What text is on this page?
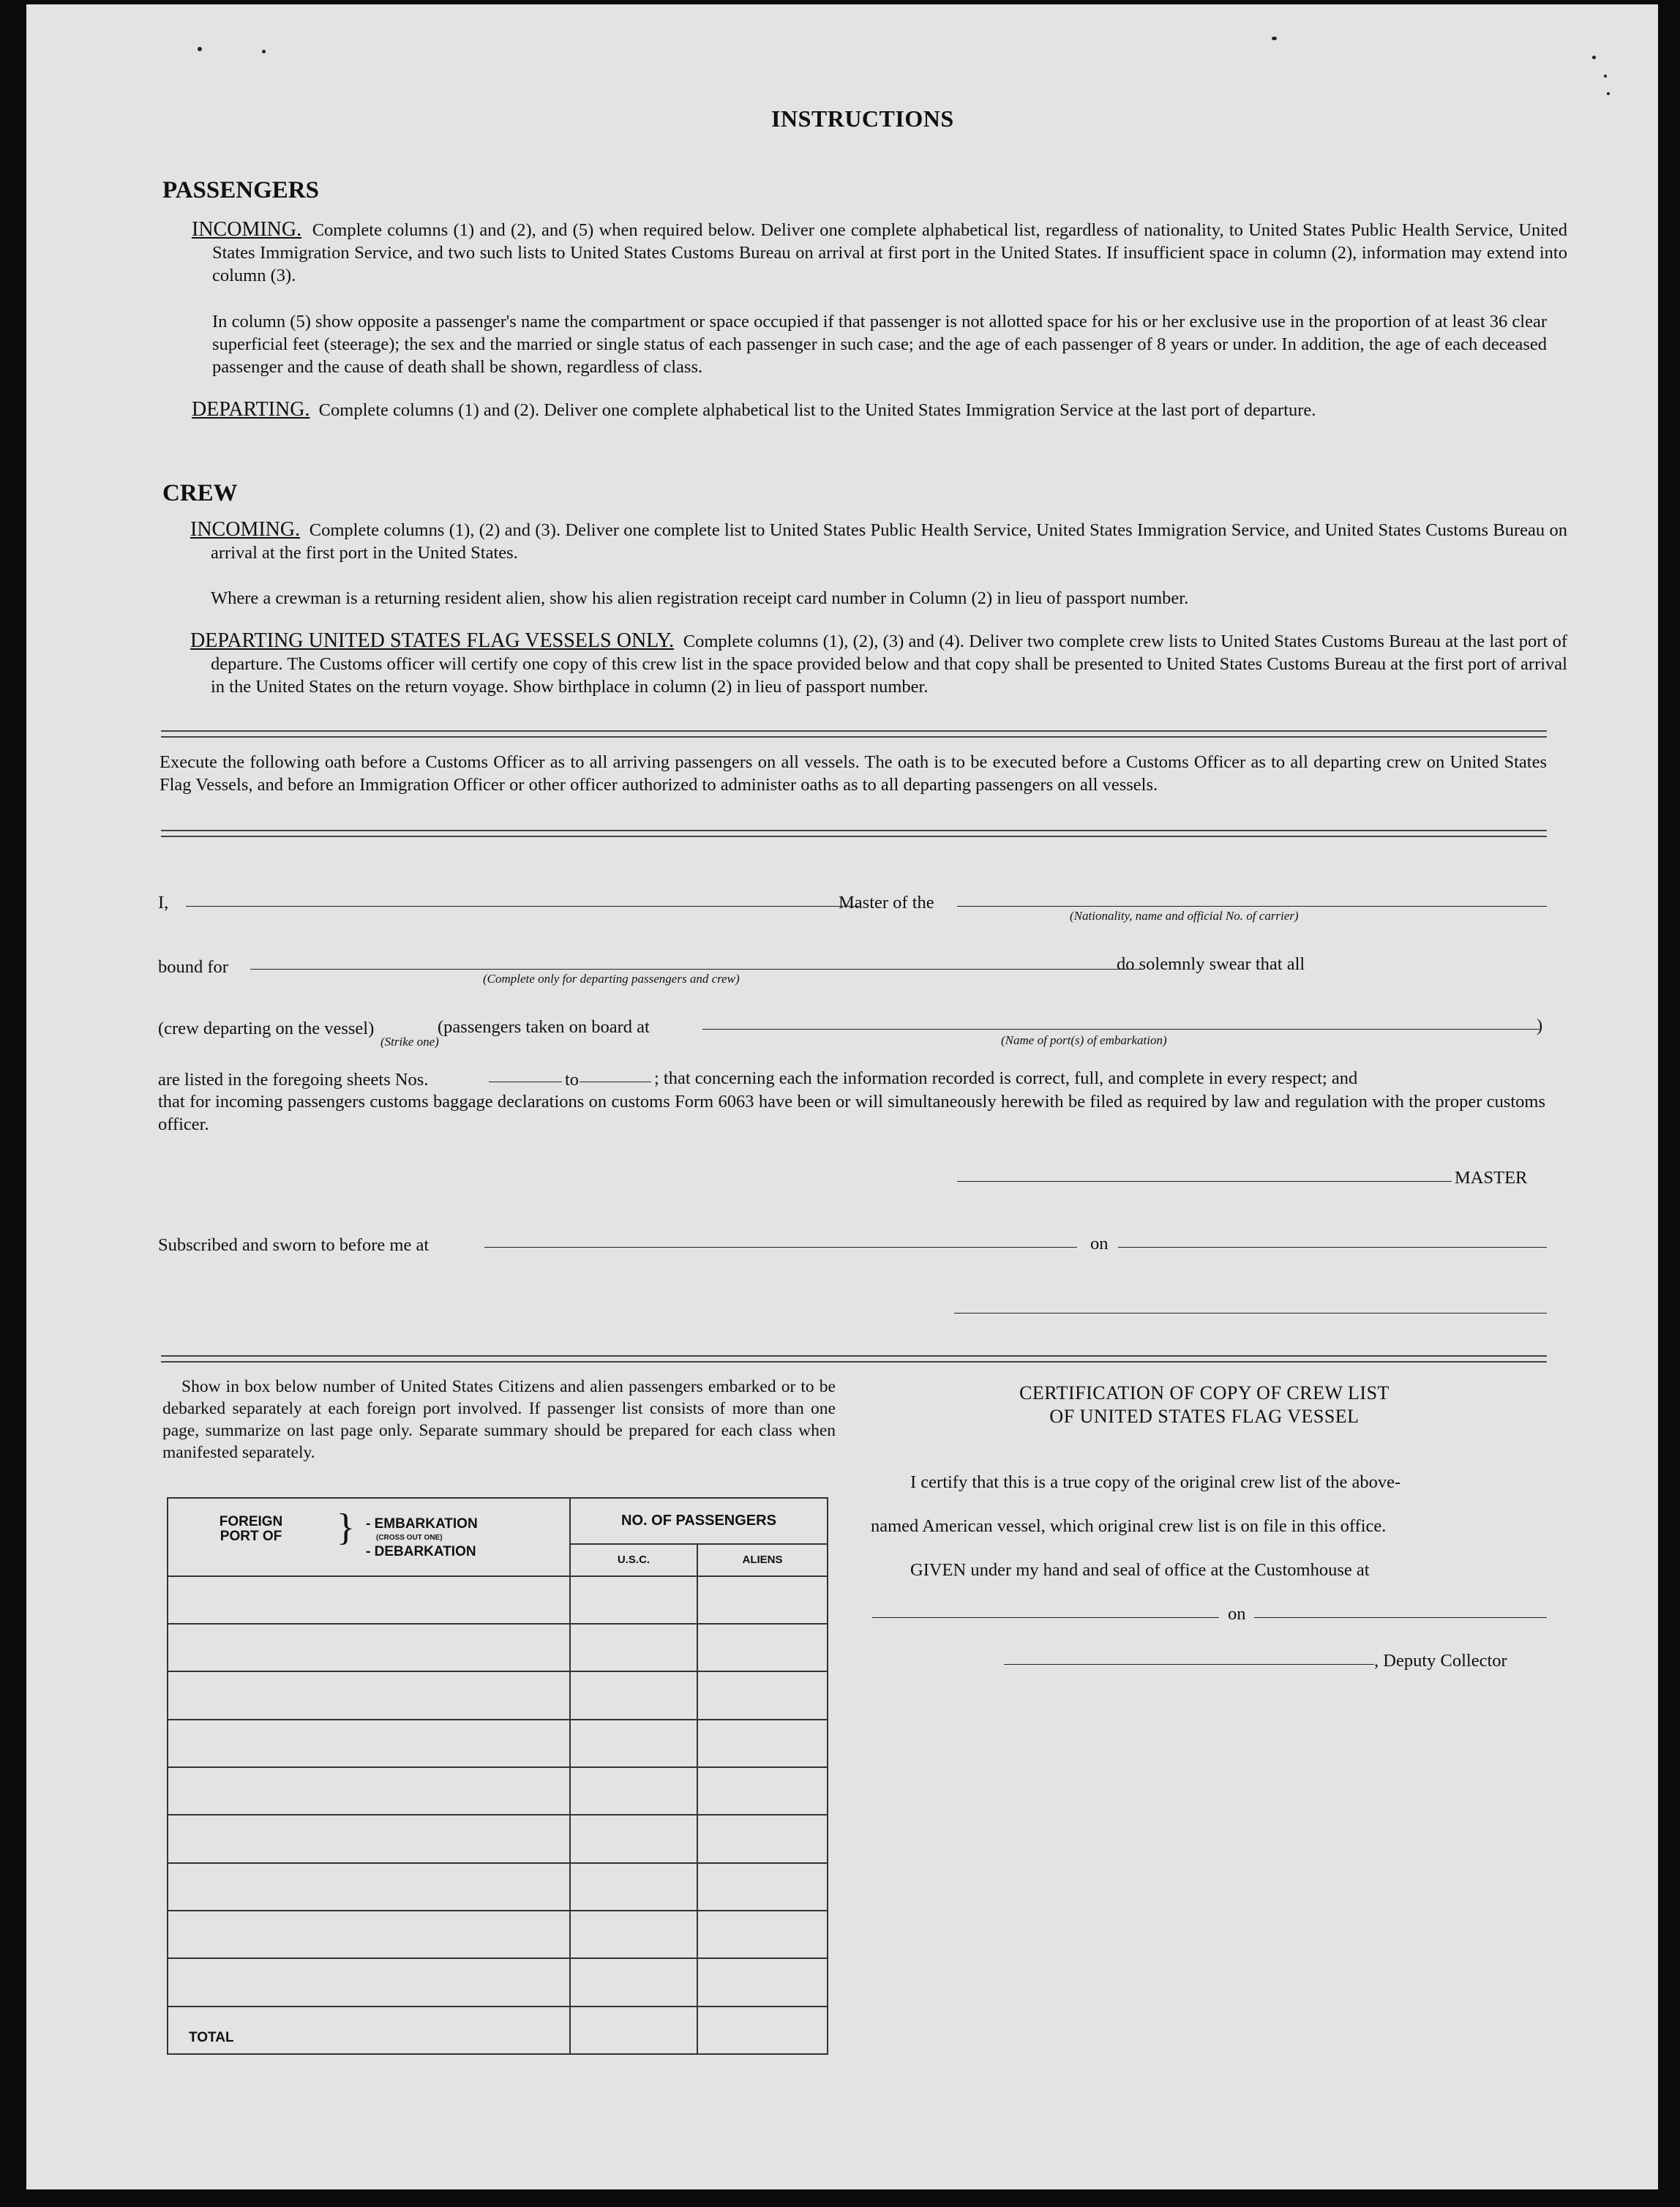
INSTRUCTIONS
PASSENGERS
INCOMING. Complete columns (1) and (2), and (5) when required below. Deliver one complete alphabetical list, regardless of nationality, to United States Public Health Service, United States Immigration Service, and two such lists to United States Customs Bureau on arrival at first port in the United States. If insufficient space in column (2), information may extend into column (3).
In column (5) show opposite a passenger's name the compartment or space occupied if that passenger is not allotted space for his or her exclusive use in the proportion of at least 36 clear superficial feet (steerage); the sex and the married or single status of each passenger in such case; and the age of each passenger of 8 years or under. In addition, the age of each deceased passenger and the cause of death shall be shown, regardless of class.
DEPARTING. Complete columns (1) and (2). Deliver one complete alphabetical list to the United States Immigration Service at the last port of departure.
CREW
INCOMING. Complete columns (1), (2) and (3). Deliver one complete list to United States Public Health Service, United States Immigration Service, and United States Customs Bureau on arrival at the first port in the United States.
Where a crewman is a returning resident alien, show his alien registration receipt card number in Column (2) in lieu of passport number.
DEPARTING UNITED STATES FLAG VESSELS ONLY. Complete columns (1), (2), (3) and (4). Deliver two complete crew lists to United States Customs Bureau at the last port of departure. The Customs officer will certify one copy of this crew list in the space provided below and that copy shall be presented to United States Customs Bureau at the first port of arrival in the United States on the return voyage. Show birthplace in column (2) in lieu of passport number.
Execute the following oath before a Customs Officer as to all arriving passengers on all vessels. The oath is to be executed before a Customs Officer as to all departing crew on United States Flag Vessels, and before an Immigration Officer or other officer authorized to administer oaths as to all departing passengers on all vessels.
I,	Master of the
(Nationality, name and official No. of carrier)
bound for
(Complete only for departing passengers and crew)
do solemnly swear that all
(crew departing on the vessel)	(passengers taken on board at	)
(Strike one)	(Name of port(s) of embarkation)
are listed in the foregoing sheets Nos.	to	; that concerning each the information recorded is correct, full, and complete in every respect; and
that for incoming passengers customs baggage declarations on customs Form 6063 have been or will simultaneously herewith be filed as required by law and regulation with the proper customs officer.
MASTER
Subscribed and sworn to before me at	on
Show in box below number of United States Citizens and alien passengers embarked or to be debarked separately at each foreign port involved. If passenger list consists of more than one page, summarize on last page only. Separate summary should be prepared for each class when manifested separately.
FOREIGN PORT OF } - EMBARKATION
(CROSS OUT ONE)
- DEBARKATION	NO. OF PASSENGERS	
	U.S.C.	ALIENS

TOTAL		
CERTIFICATION OF COPY OF CREW LIST
OF UNITED STATES FLAG VESSEL
I certify that this is a true copy of the original crew list of the above-
named American vessel, which original crew list is on file in this office.
GIVEN under my hand and seal of office at the Customhouse at
on
, Deputy Collector
